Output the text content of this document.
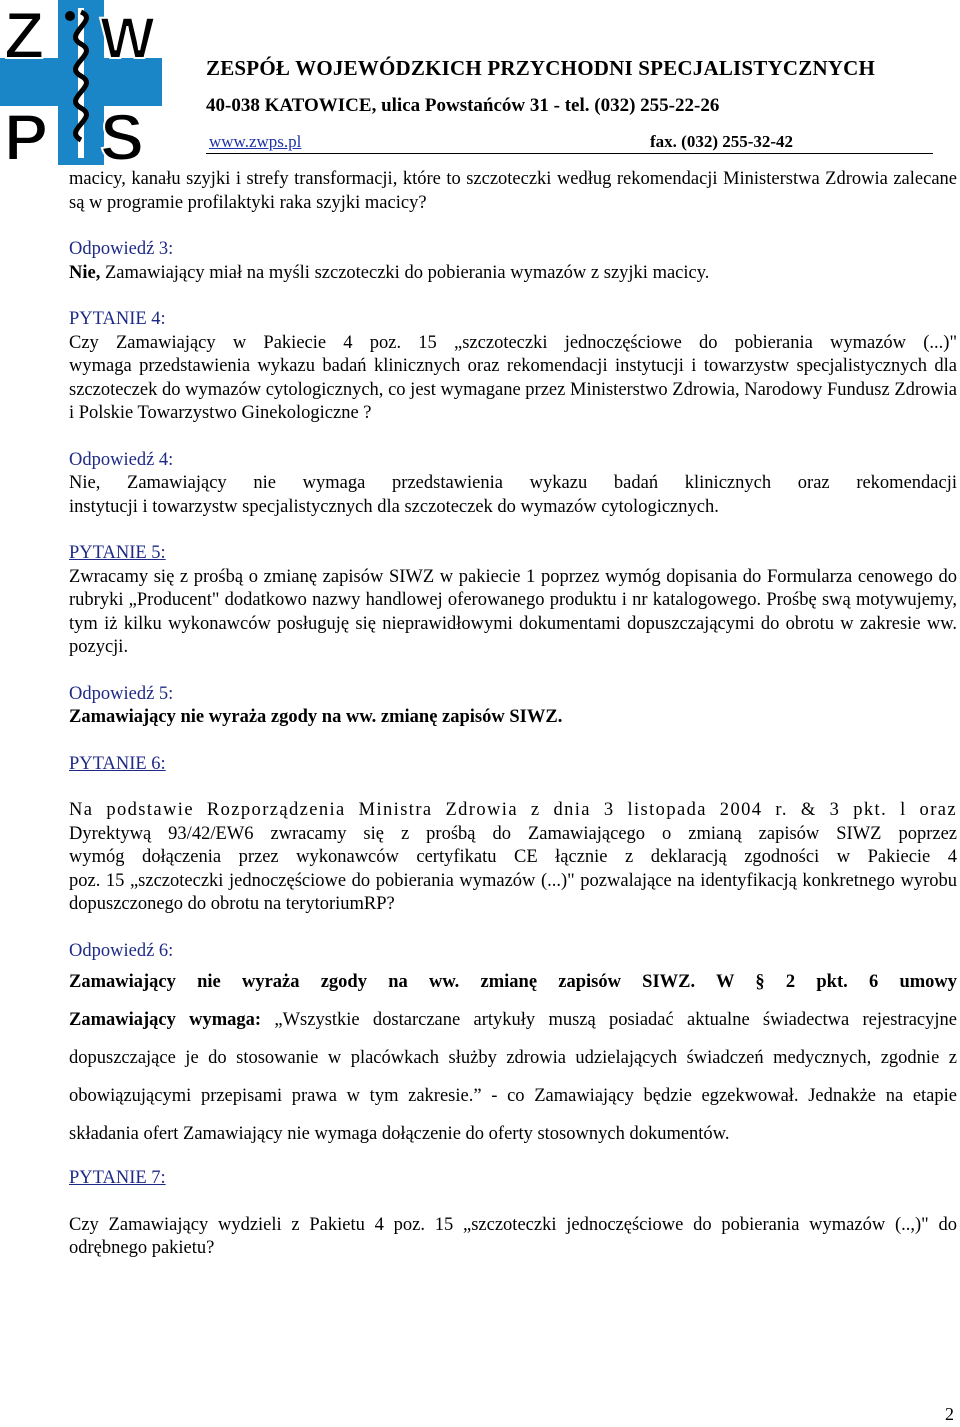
Z W
P S
ZESPÓŁ WOJEWÓDZKICH PRZYCHODNI SPECJALISTYCZNYCH
40-038 KATOWICE, ulica Powstańców 31 - tel. (032) 255-22-26
www.zwps.pl	fax. (032) 255-32-42

macicy, kanału szyjki i strefy transformacji, które to szczoteczki według rekomendacji Ministerstwa Zdrowia zalecane są w programie profilaktyki raka szyjki macicy?

Odpowiedź 3:

Nie, Zamawiający miał na myśli szczoteczki do pobierania wymazów z szyjki macicy.

PYTANIE 4:

Czy Zamawiający w Pakiecie 4 poz. 15 „szczoteczki jednoczęściowe do pobierania wymazów (...)"

wymaga przedstawienia wykazu badań klinicznych oraz rekomendacji instytucji i towarzystw specjalistycznych dla szczoteczek do wymazów cytologicznych, co jest wymagane przez Ministerstwo Zdrowia, Narodowy Fundusz Zdrowia i Polskie Towarzystwo Ginekologiczne ?

Odpowiedź 4:

Nie, Zamawiający nie wymaga przedstawienia wykazu badań klinicznych oraz rekomendacji

instytucji i towarzystw specjalistycznych dla szczoteczek do wymazów cytologicznych.

PYTANIE 5:

Zwracamy się z prośbą o zmianę zapisów SIWZ w pakiecie 1 poprzez wymóg dopisania do Formularza cenowego do rubryki „Producent" dodatkowo nazwy handlowej oferowanego produktu i nr katalogowego. Prośbę swą motywujemy, tym iż kilku wykonawców posługuję się nieprawidłowymi dokumentami dopuszczającymi do obrotu w zakresie ww. pozycji.

Odpowiedź 5:

Zamawiający nie wyraża zgody na ww. zmianę zapisów SIWZ.

PYTANIE 6:

Na podstawie Rozporządzenia Ministra Zdrowia z dnia 3 listopada 2004 r. & 3 pkt. l oraz

Dyrektywą 93/42/EW6 zwracamy się z prośbą do Zamawiającego o zmianą zapisów SIWZ poprzez

wymóg dołączenia przez wykonawców certyfikatu CE łącznie z deklaracją zgodności w Pakiecie 4

poz. 15 „szczoteczki jednoczęściowe do pobierania wymazów (...)" pozwalające na identyfikacją konkretnego wyrobu dopuszczonego do obrotu na terytoriumRP?

Odpowiedź 6:

Zamawiający nie wyraża zgody na ww. zmianę zapisów SIWZ. W § 2 pkt. 6 umowy

Zamawiający wymaga: „Wszystkie dostarczane artykuły muszą posiadać aktualne świadectwa rejestracyjne dopuszczające je do stosowanie w placówkach służby zdrowia udzielających świadczeń medycznych, zgodnie z obowiązującymi przepisami prawa w tym zakresie.” - co Zamawiający będzie egzekwował. Jednakże na etapie składania ofert Zamawiający nie wymaga dołączenie do oferty stosownych dokumentów.

PYTANIE 7:

Czy Zamawiający wydzieli z Pakietu 4 poz. 15 „szczoteczki jednoczęściowe do pobierania wymazów (..,)" do odrębnego pakietu?

2
